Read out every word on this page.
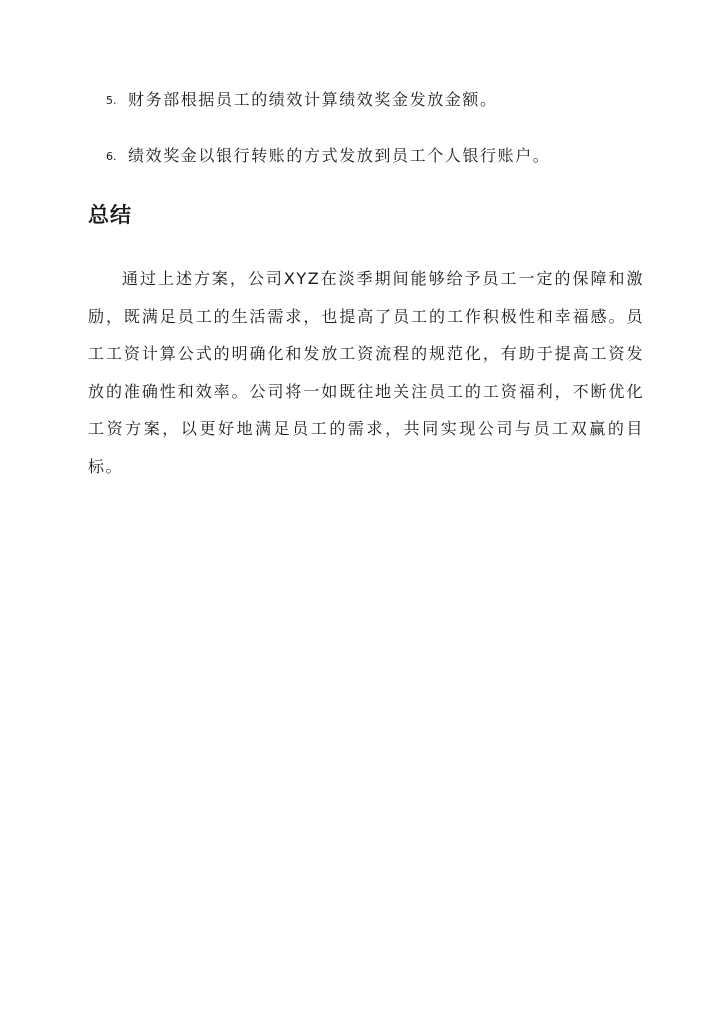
5. 财务部根据员工的绩效计算绩效奖金发放金额。
6. 绩效奖金以银行转账的方式发放到员工个人银行账户。
总结
通过上述方案，公司XYZ在淡季期间能够给予员工一定的保障和激励，既满足员工的生活需求，也提高了员工的工作积极性和幸福感。员工工资计算公式的明确化和发放工资流程的规范化，有助于提高工资发放的准确性和效率。公司将一如既往地关注员工的工资福利，不断优化工资方案，以更好地满足员工的需求，共同实现公司与员工双赢的目标。
